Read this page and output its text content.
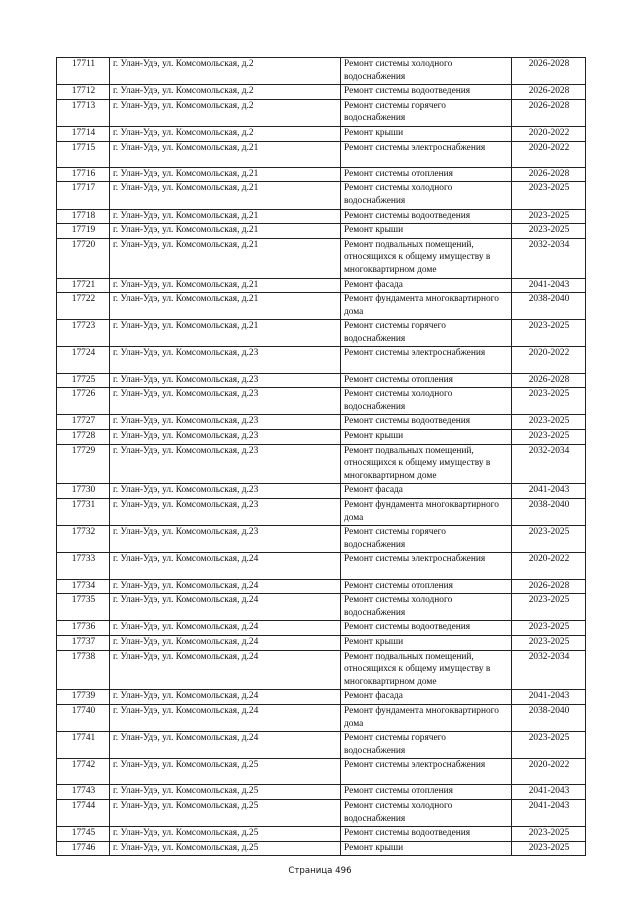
17711	г. Улан-Удэ, ул. Комсомольская, д.2	Ремонт системы холодного водоснабжения	2026-2028
17712	г. Улан-Удэ, ул. Комсомольская, д.2	Ремонт системы водоотведения	2026-2028
17713	г. Улан-Удэ, ул. Комсомольская, д.2	Ремонт системы горячего водоснабжения	2026-2028
17714	г. Улан-Удэ, ул. Комсомольская, д.2	Ремонт крыши	2020-2022
17715	г. Улан-Удэ, ул. Комсомольская, д.21	Ремонт системы электроснабжения	2020-2022
17716	г. Улан-Удэ, ул. Комсомольская, д.21	Ремонт системы отопления	2026-2028
17717	г. Улан-Удэ, ул. Комсомольская, д.21	Ремонт системы холодного водоснабжения	2023-2025
17718	г. Улан-Удэ, ул. Комсомольская, д.21	Ремонт системы водоотведения	2023-2025
17719	г. Улан-Удэ, ул. Комсомольская, д.21	Ремонт крыши	2023-2025
17720	г. Улан-Удэ, ул. Комсомольская, д.21	Ремонт подвальных помещений, относящихся к общему имуществу в многоквартирном доме	2032-2034
17721	г. Улан-Удэ, ул. Комсомольская, д.21	Ремонт фасада	2041-2043
17722	г. Улан-Удэ, ул. Комсомольская, д.21	Ремонт фундамента многоквартирного дома	2038-2040
17723	г. Улан-Удэ, ул. Комсомольская, д.21	Ремонт системы горячего водоснабжения	2023-2025
17724	г. Улан-Удэ, ул. Комсомольская, д.23	Ремонт системы электроснабжения	2020-2022
17725	г. Улан-Удэ, ул. Комсомольская, д.23	Ремонт системы отопления	2026-2028
17726	г. Улан-Удэ, ул. Комсомольская, д.23	Ремонт системы холодного водоснабжения	2023-2025
17727	г. Улан-Удэ, ул. Комсомольская, д.23	Ремонт системы водоотведения	2023-2025
17728	г. Улан-Удэ, ул. Комсомольская, д.23	Ремонт крыши	2023-2025
17729	г. Улан-Удэ, ул. Комсомольская, д.23	Ремонт подвальных помещений, относящихся к общему имуществу в многоквартирном доме	2032-2034
17730	г. Улан-Удэ, ул. Комсомольская, д.23	Ремонт фасада	2041-2043
17731	г. Улан-Удэ, ул. Комсомольская, д.23	Ремонт фундамента многоквартирного дома	2038-2040
17732	г. Улан-Удэ, ул. Комсомольская, д.23	Ремонт системы горячего водоснабжения	2023-2025
17733	г. Улан-Удэ, ул. Комсомольская, д.24	Ремонт системы электроснабжения	2020-2022
17734	г. Улан-Удэ, ул. Комсомольская, д.24	Ремонт системы отопления	2026-2028
17735	г. Улан-Удэ, ул. Комсомольская, д.24	Ремонт системы холодного водоснабжения	2023-2025
17736	г. Улан-Удэ, ул. Комсомольская, д.24	Ремонт системы водоотведения	2023-2025
17737	г. Улан-Удэ, ул. Комсомольская, д.24	Ремонт крыши	2023-2025
17738	г. Улан-Удэ, ул. Комсомольская, д.24	Ремонт подвальных помещений, относящихся к общему имуществу в многоквартирном доме	2032-2034
17739	г. Улан-Удэ, ул. Комсомольская, д.24	Ремонт фасада	2041-2043
17740	г. Улан-Удэ, ул. Комсомольская, д.24	Ремонт фундамента многоквартирного дома	2038-2040
17741	г. Улан-Удэ, ул. Комсомольская, д.24	Ремонт системы горячего водоснабжения	2023-2025
17742	г. Улан-Удэ, ул. Комсомольская, д.25	Ремонт системы электроснабжения	2020-2022
17743	г. Улан-Удэ, ул. Комсомольская, д.25	Ремонт системы отопления	2041-2043
17744	г. Улан-Удэ, ул. Комсомольская, д.25	Ремонт системы холодного водоснабжения	2041-2043
17745	г. Улан-Удэ, ул. Комсомольская, д.25	Ремонт системы водоотведения	2023-2025
17746	г. Улан-Удэ, ул. Комсомольская, д.25	Ремонт крыши	2023-2025
Страница 496
